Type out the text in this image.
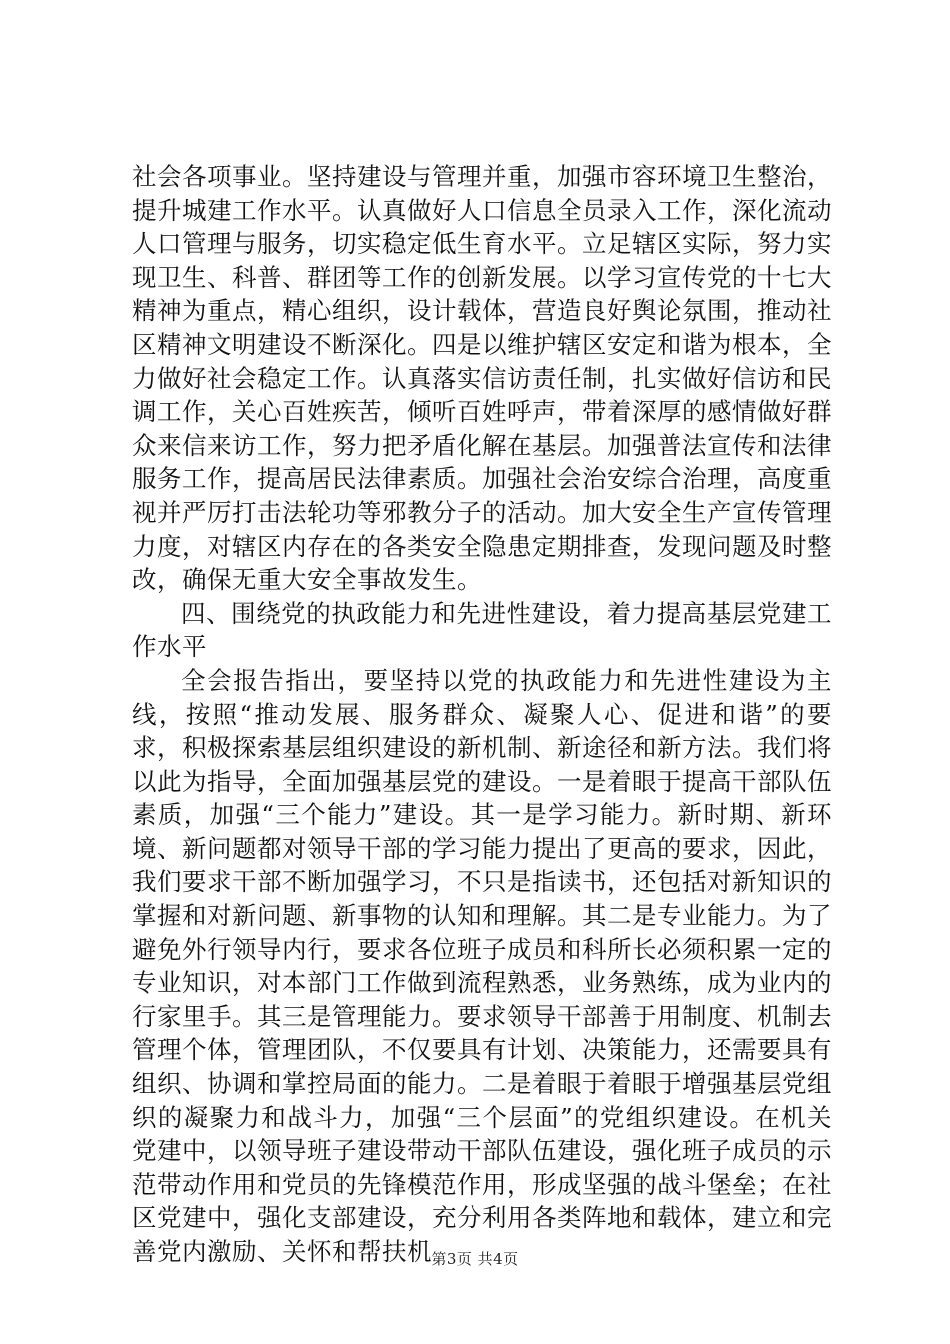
社会各项事业。坚持建设与管理并重，加强市容环境卫生整治，提升城建工作水平。认真做好人口信息全员录入工作，深化流动人口管理与服务，切实稳定低生育水平。立足辖区实际，努力实现卫生、科普、群团等工作的创新发展。以学习宣传党的十七大精神为重点，精心组织，设计载体，营造良好舆论氛围，推动社区精神文明建设不断深化。四是以维护辖区安定和谐为根本，全力做好社会稳定工作。认真落实信访责任制，扎实做好信访和民调工作，关心百姓疾苦，倾听百姓呼声，带着深厚的感情做好群众来信来访工作，努力把矛盾化解在基层。加强普法宣传和法律服务工作，提高居民法律素质。加强社会治安综合治理，高度重视并严厉打击法轮功等邪教分子的活动。加大安全生产宣传管理力度，对辖区内存在的各类安全隐患定期排查，发现问题及时整改，确保无重大安全事故发生。

四、围绕党的执政能力和先进性建设，着力提高基层党建工作水平

全会报告指出，要坚持以党的执政能力和先进性建设为主线，按照“推动发展、服务群众、凝聚人心、促进和谐”的要求，积极探索基层组织建设的新机制、新途径和新方法。我们将以此为指导，全面加强基层党的建设。一是着眼于提高干部队伍素质，加强“三个能力”建设。其一是学习能力。新时期、新环境、新问题都对领导干部的学习能力提出了更高的要求，因此，我们要求干部不断加强学习，不只是指读书，还包括对新知识的掌握和对新问题、新事物的认知和理解。其二是专业能力。为了避免外行领导内行，要求各位班子成员和科所长必须积累一定的专业知识，对本部门工作做到流程熟悉，业务熟练，成为业内的行家里手。其三是管理能力。要求领导干部善于用制度、机制去管理个体，管理团队，不仅要具有计划、决策能力，还需要具有组织、协调和掌控局面的能力。二是着眼于着眼于增强基层党组织的凝聚力和战斗力，加强“三个层面”的党组织建设。在机关党建中，以领导班子建设带动干部队伍建设，强化班子成员的示范带动作用和党员的先锋模范作用，形成坚强的战斗堡垒；在社区党建中，强化支部建设，充分利用各类阵地和载体，建立和完善党内激励、关怀和帮扶机 第3页 共4页
